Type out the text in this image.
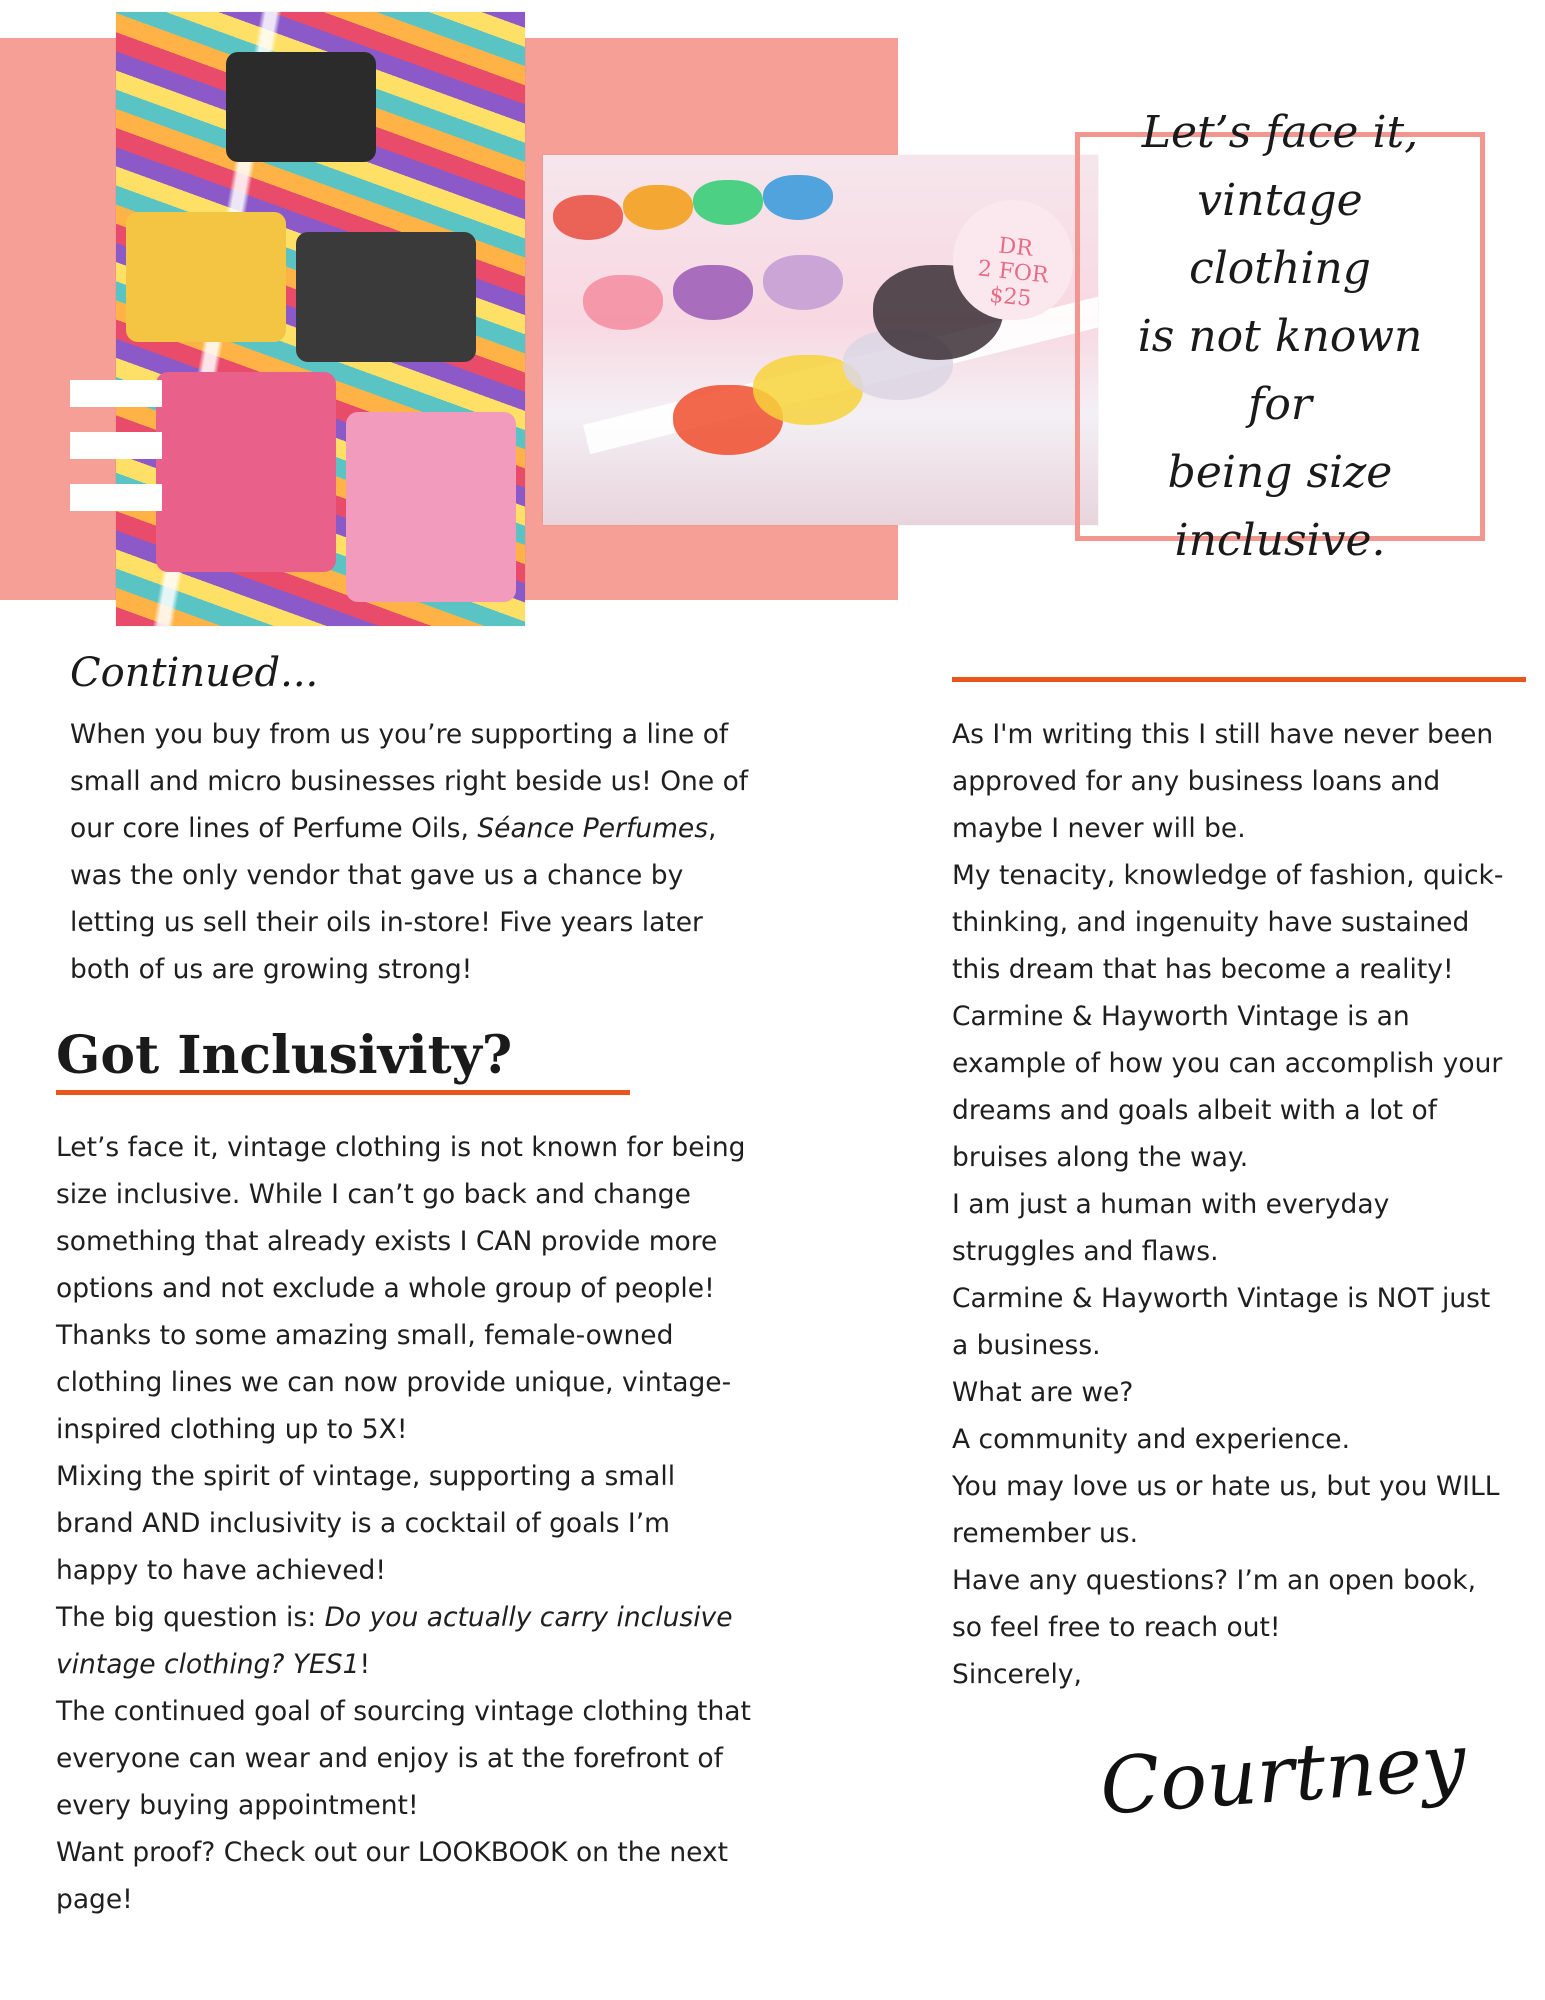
DR
2 FOR
$25
Let’s face it,
vintage clothing
is not known for
being size
inclusive.
Continued...

When you buy from us you’re supporting a line of small and micro businesses right beside us! One of our core lines of Perfume Oils, Séance Perfumes, was the only vendor that gave us a chance by letting us sell their oils in-store! Five years later both of us are growing strong!

Got Inclusivity?

Let’s face it, vintage clothing is not known for being size inclusive. While I can’t go back and change something that already exists I CAN provide more options and not exclude a whole group of people!

Thanks to some amazing small, female-owned clothing lines we can now provide unique, vintage-inspired clothing up to 5X!

Mixing the spirit of vintage, supporting a small brand AND inclusivity is a cocktail of goals I’m happy to have achieved!

The big question is: Do you actually carry inclusive vintage clothing? YES1!

The continued goal of sourcing vintage clothing that everyone can wear and enjoy is at the forefront of every buying appointment!

Want proof? Check out our LOOKBOOK on the next page!

As I'm writing this I still have never been approved for any business loans and maybe I never will be.

My tenacity, knowledge of fashion, quick-thinking, and ingenuity have sustained this dream that has become a reality!

Carmine & Hayworth Vintage is an example of how you can accomplish your dreams and goals albeit with a lot of bruises along the way.

I am just a human with everyday struggles and flaws.

Carmine & Hayworth Vintage is NOT just a business.

What are we?

A community and experience.

You may love us or hate us, but you WILL remember us.

Have any questions? I’m an open book, so feel free to reach out!

Sincerely,

Courtney
